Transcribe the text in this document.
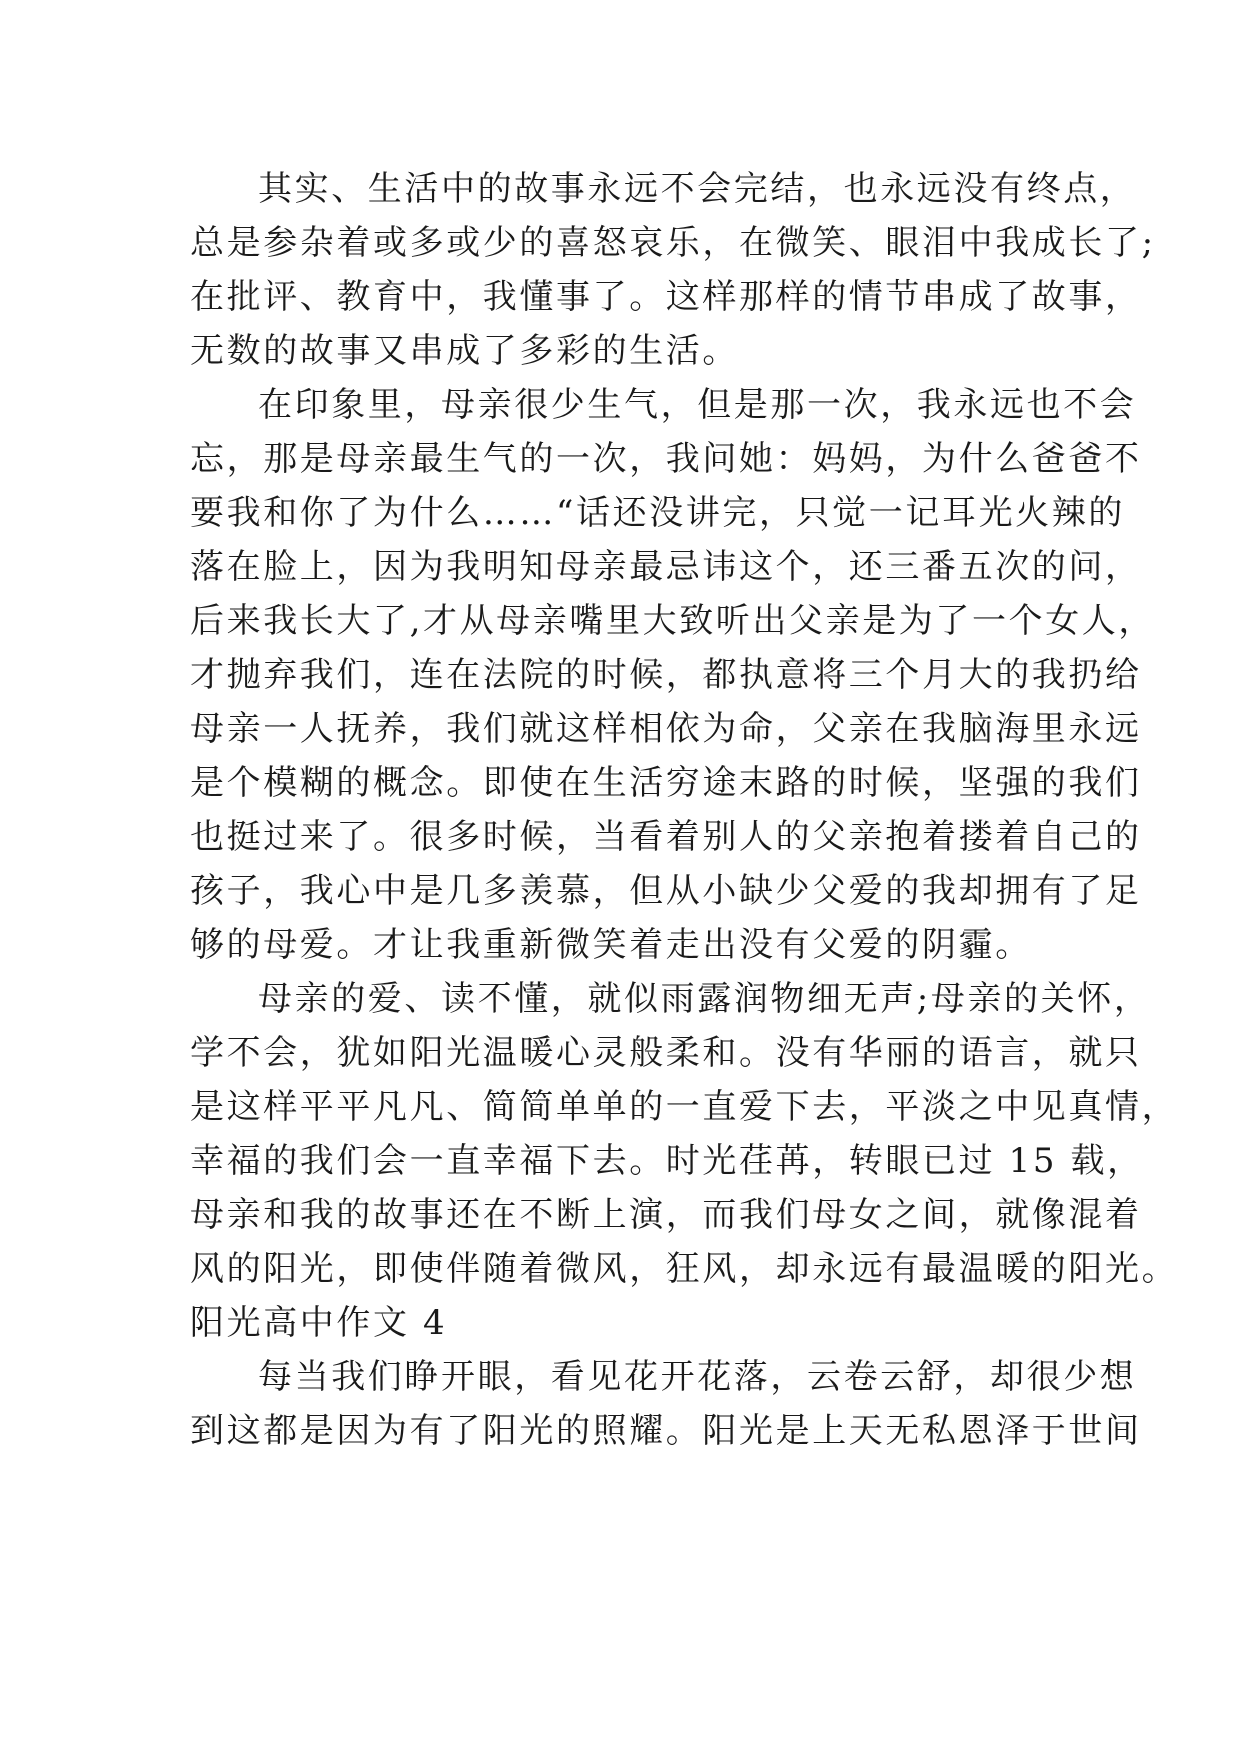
其实、生活中的故事永远不会完结，也永远没有终点，
总是参杂着或多或少的喜怒哀乐，在微笑、眼泪中我成长了;
在批评、教育中，我懂事了。这样那样的情节串成了故事，
无数的故事又串成了多彩的生活。

在印象里，母亲很少生气，但是那一次，我永远也不会
忘，那是母亲最生气的一次，我问她：妈妈，为什么爸爸不
要我和你了为什么……“话还没讲完，只觉一记耳光火辣的
落在脸上，因为我明知母亲最忌讳这个，还三番五次的问，
后来我长大了,才从母亲嘴里大致听出父亲是为了一个女人，
才抛弃我们，连在法院的时候，都执意将三个月大的我扔给
母亲一人抚养，我们就这样相依为命，父亲在我脑海里永远
是个模糊的概念。即使在生活穷途末路的时候，坚强的我们
也挺过来了。很多时候，当看着别人的父亲抱着搂着自己的
孩子，我心中是几多羡慕，但从小缺少父爱的我却拥有了足
够的母爱。才让我重新微笑着走出没有父爱的阴霾。

母亲的爱、读不懂，就似雨露润物细无声;母亲的关怀，
学不会，犹如阳光温暖心灵般柔和。没有华丽的语言，就只
是这样平平凡凡、简简单单的一直爱下去，平淡之中见真情，
幸福的我们会一直幸福下去。时光荏苒，转眼已过 15 载，
母亲和我的故事还在不断上演，而我们母女之间，就像混着
风的阳光，即使伴随着微风，狂风，却永远有最温暖的阳光。

阳光高中作文 4

每当我们睁开眼，看见花开花落，云卷云舒，却很少想
到这都是因为有了阳光的照耀。阳光是上天无私恩泽于世间
